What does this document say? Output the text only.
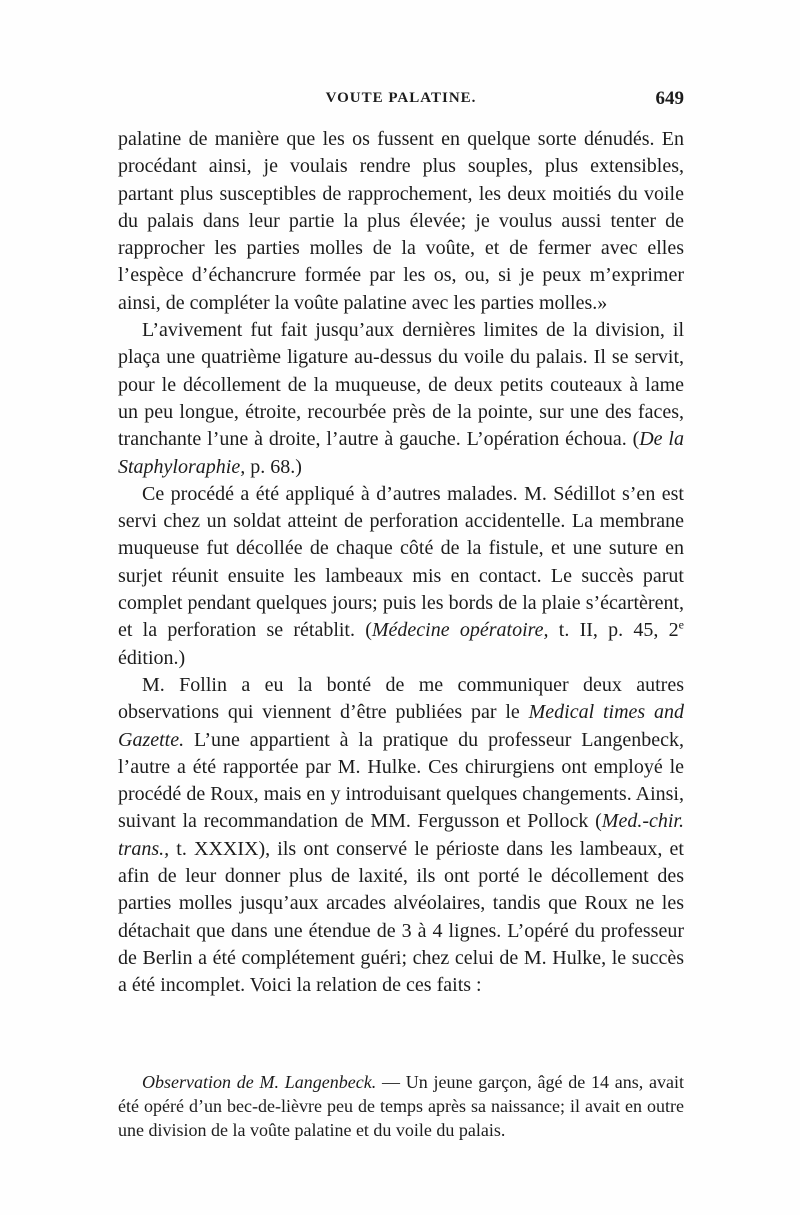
VOUTE PALATINE.	649

palatine de manière que les os fussent en quelque sorte dénudés. En procédant ainsi, je voulais rendre plus souples, plus extensibles, partant plus susceptibles de rapprochement, les deux moitiés du voile du palais dans leur partie la plus élevée; je voulus aussi tenter de rapprocher les parties molles de la voûte, et de fermer avec elles l’espèce d’échancrure formée par les os, ou, si je peux m’exprimer ainsi, de compléter la voûte palatine avec les parties molles.»

L’avivement fut fait jusqu’aux dernières limites de la division, il plaça une quatrième ligature au-dessus du voile du palais. Il se servit, pour le décollement de la muqueuse, de deux petits couteaux à lame un peu longue, étroite, recourbée près de la pointe, sur une des faces, tranchante l’une à droite, l’autre à gauche. L’opération échoua. (De la Staphyloraphie, p. 68.)

Ce procédé a été appliqué à d’autres malades. M. Sédillot s’en est servi chez un soldat atteint de perforation accidentelle. La membrane muqueuse fut décollée de chaque côté de la fistule, et une suture en surjet réunit ensuite les lambeaux mis en contact. Le succès parut complet pendant quelques jours; puis les bords de la plaie s’écartèrent, et la perforation se rétablit. (Médecine opératoire, t. II, p. 45, 2e édition.)

M. Follin a eu la bonté de me communiquer deux autres observations qui viennent d’être publiées par le Medical times and Gazette. L’une appartient à la pratique du professeur Langenbeck, l’autre a été rapportée par M. Hulke. Ces chirurgiens ont employé le procédé de Roux, mais en y introduisant quelques changements. Ainsi, suivant la recommandation de MM. Fergusson et Pollock (Med.-chir. trans., t. XXXIX), ils ont conservé le périoste dans les lambeaux, et afin de leur donner plus de laxité, ils ont porté le décollement des parties molles jusqu’aux arcades alvéolaires, tandis que Roux ne les détachait que dans une étendue de 3 à 4 lignes. L’opéré du professeur de Berlin a été complétement guéri; chez celui de M. Hulke, le succès a été incomplet. Voici la relation de ces faits :

Observation de M. Langenbeck. — Un jeune garçon, âgé de 14 ans, avait été opéré d’un bec-de-lièvre peu de temps après sa naissance; il avait en outre une division de la voûte palatine et du voile du palais.
